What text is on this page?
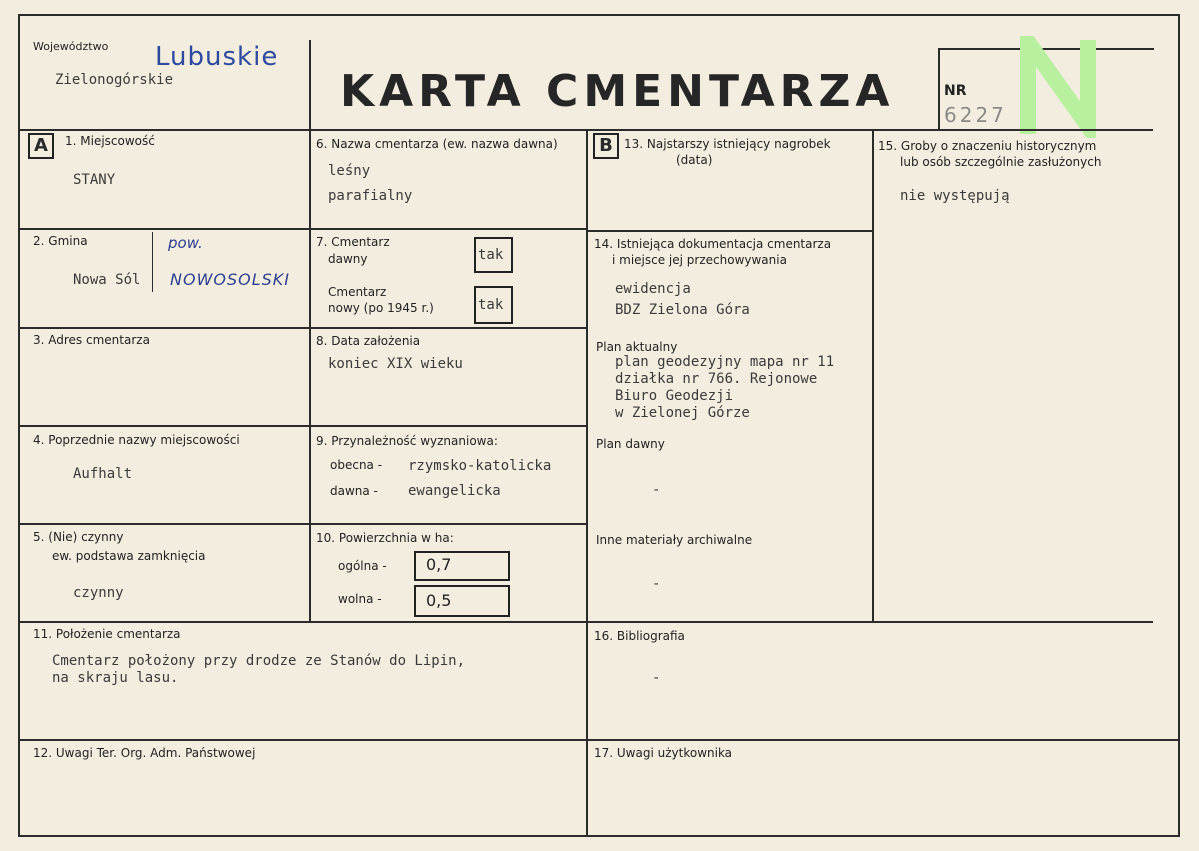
Województwo Lubuskie
Zielonogórskie	KARTA CMENTARZA	NR
6227
A	1. Miejscowość
STANY
2. Gmina
Nowa Sól
pow.
NOWOSOLSKI
3. Adres cmentarza
4. Poprzednie nazwy miejscowości
Aufhalt
5. (Nie) czynny
ew. podstawa zamknięcia
czynny
6. Nazwa cmentarza (ew. nazwa dawna)
leśny
parafialny
7. Cmentarz
dawny	tak
Cmentarz
nowy (po 1945 r.)	tak
8. Data założenia
koniec XIX wieku
9. Przynależność wyznaniowa:
obecna - rzymsko-katolicka
dawna - ewangelicka
10. Powierzchnia w ha:
ogólna -	0,7
wolna -	0,5
11. Położenie cmentarza
Cmentarz położony przy drodze ze Stanów do Lipin,
na skraju lasu.
12. Uwagi Ter. Org. Adm. Państwowej
B 13. Najstarszy istniejący nagrobek
(data)
14. Istniejąca dokumentacja cmentarza
i miejsce jej przechowywania
ewidencja
BDZ Zielona Góra
Plan aktualny
plan geodezyjny mapa nr 11
działka nr 766. Rejonowe
Biuro Geodezji
w Zielonej Górze
Plan dawny
-
Inne materiały archiwalne
-
15. Groby o znaczeniu historycznym
lub osób szczególnie zasłużonych
nie występują
16. Bibliografia
-
17. Uwagi użytkownika
